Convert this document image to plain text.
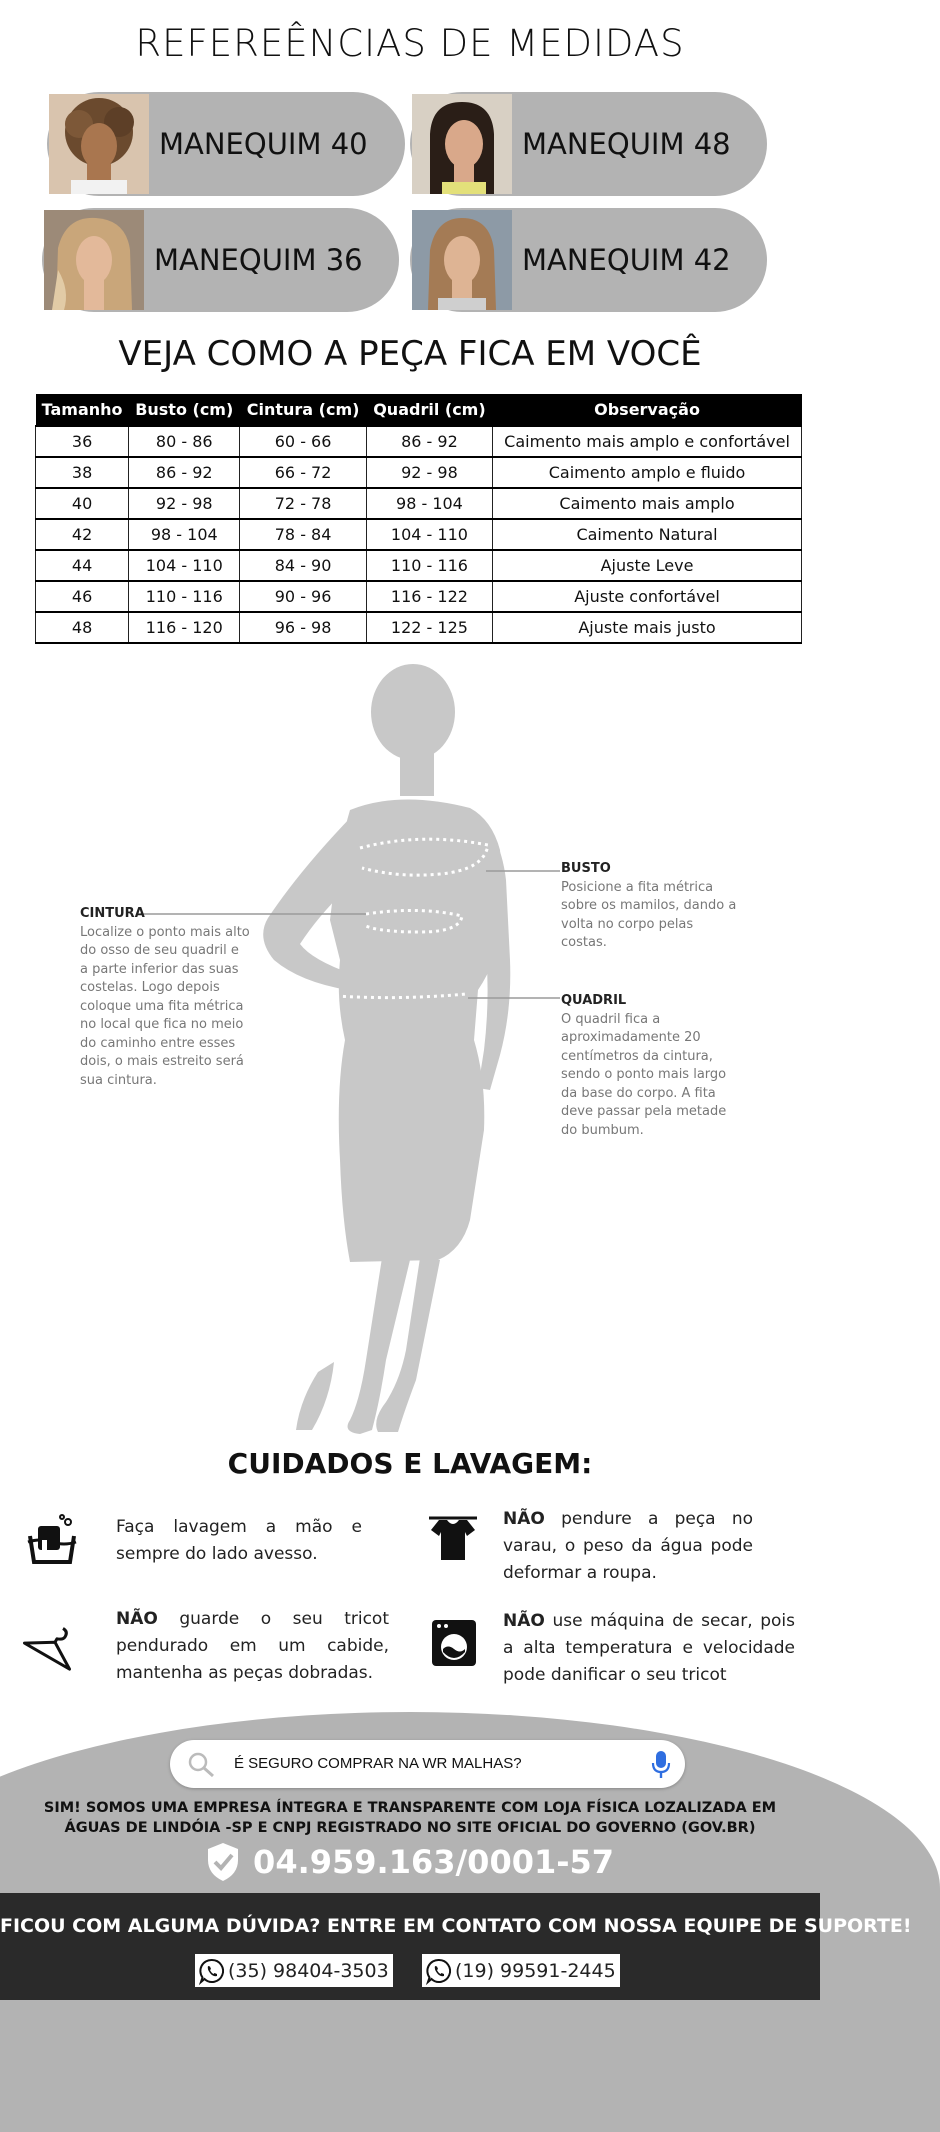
REFEREÊNCIAS DE MEDIDAS
MANEQUIM 40	MANEQUIM 48
MANEQUIM 36	MANEQUIM 42
VEJA COMO A PEÇA FICA EM VOCÊ
Tamanho	Busto (cm)	Cintura (cm)	Quadril (cm)	Observação
36	80 - 86	60 - 66	86 - 92	Caimento mais amplo e confortável
38	86 - 92	66 - 72	92 - 98	Caimento amplo e fluido
40	92 - 98	72 - 78	98 - 104	Caimento mais amplo
42	98 - 104	78 - 84	104 - 110	Caimento Natural
44	104 - 110	84 - 90	110 - 116	Ajuste Leve
46	110 - 116	90 - 96	116 - 122	Ajuste confortável
48	116 - 120	96 - 98	122 - 125	Ajuste mais justo
CINTURA
Localize o ponto mais alto
do osso de seu quadril e
a parte inferior das suas
costelas. Logo depois
coloque uma fita métrica
no local que fica no meio
do caminho entre esses
dois, o mais estreito será
sua cintura.
BUSTO
Posicione a fita métrica
sobre os mamilos, dando a
volta no corpo pelas
costas.
QUADRIL
O quadril fica a
aproximadamente 20
centímetros da cintura,
sendo o ponto mais largo
da base do corpo. A fita
deve passar pela metade
do bumbum.
CUIDADOS E LAVAGEM:
Faça lavagem a mão e sempre do lado avesso.
NÃO pendure a peça no varau, o peso da água pode deformar a roupa.
NÃO guarde o seu tricot pendurado em um cabide, mantenha as peças dobradas.
NÃO use máquina de secar, pois a alta temperatura e velocidade pode danificar o seu tricot
É SEGURO COMPRAR NA WR MALHAS?
SIM! SOMOS UMA EMPRESA ÍNTEGRA E TRANSPARENTE COM LOJA FÍSICA LOZALIZADA EM
ÁGUAS DE LINDÓIA -SP E CNPJ REGISTRADO NO SITE OFICIAL DO GOVERNO (GOV.BR)
04.959.163/0001-57
FICOU COM ALGUMA DÚVIDA? ENTRE EM CONTATO COM NOSSA EQUIPE DE SUPORTE!
(35) 98404-3503	(19) 99591-2445
